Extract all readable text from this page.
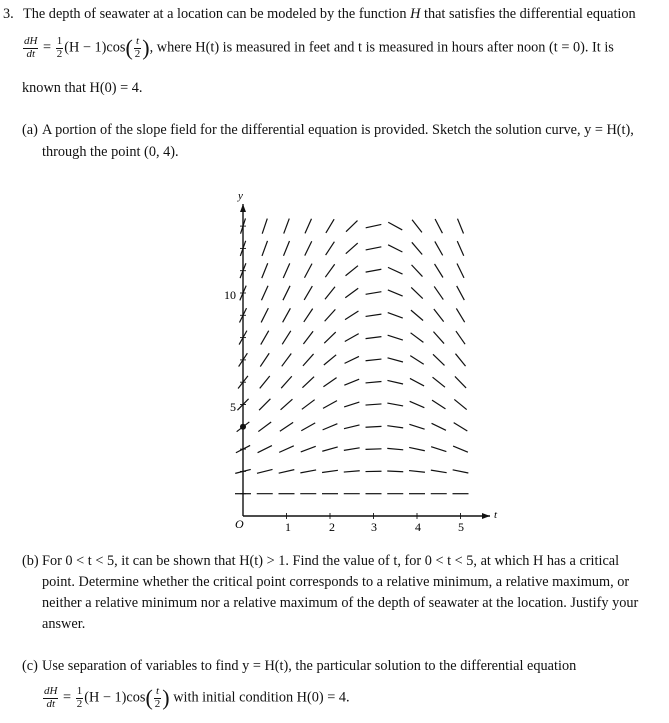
3. The depth of seawater at a location can be modeled by the function H that satisfies the differential equation
$\frac{dH}{dt} = \frac{1}{2} (H - 1)\cos( \frac{t}{2}$ ), where H(t) is measured in feet and t is measured in hours after noon (t = 0). It is
known that H(0) = 4.
(a) A portion of the slope field for the differential equation is provided. Sketch the solution curve, y = H(t),
through the point (0, 4).
y
t
O
10
5
1	2	3	4	5
(b) For 0 < t < 5, it can be shown that H(t) > 1. Find the value of t, for 0 < t < 5, at which H has a critical
point. Determine whether the critical point corresponds to a relative minimum, a relative maximum, or
neither a relative minimum nor a relative maximum of the depth of seawater at the location. Justify your
answer.
(c) Use separation of variables to find y = H(t), the particular solution to the differential equation
$\frac{dH}{dt} = \frac{1}{2} (H - 1)\cos( \frac{t}{2}$ ) with initial condition H(0) = 4.
